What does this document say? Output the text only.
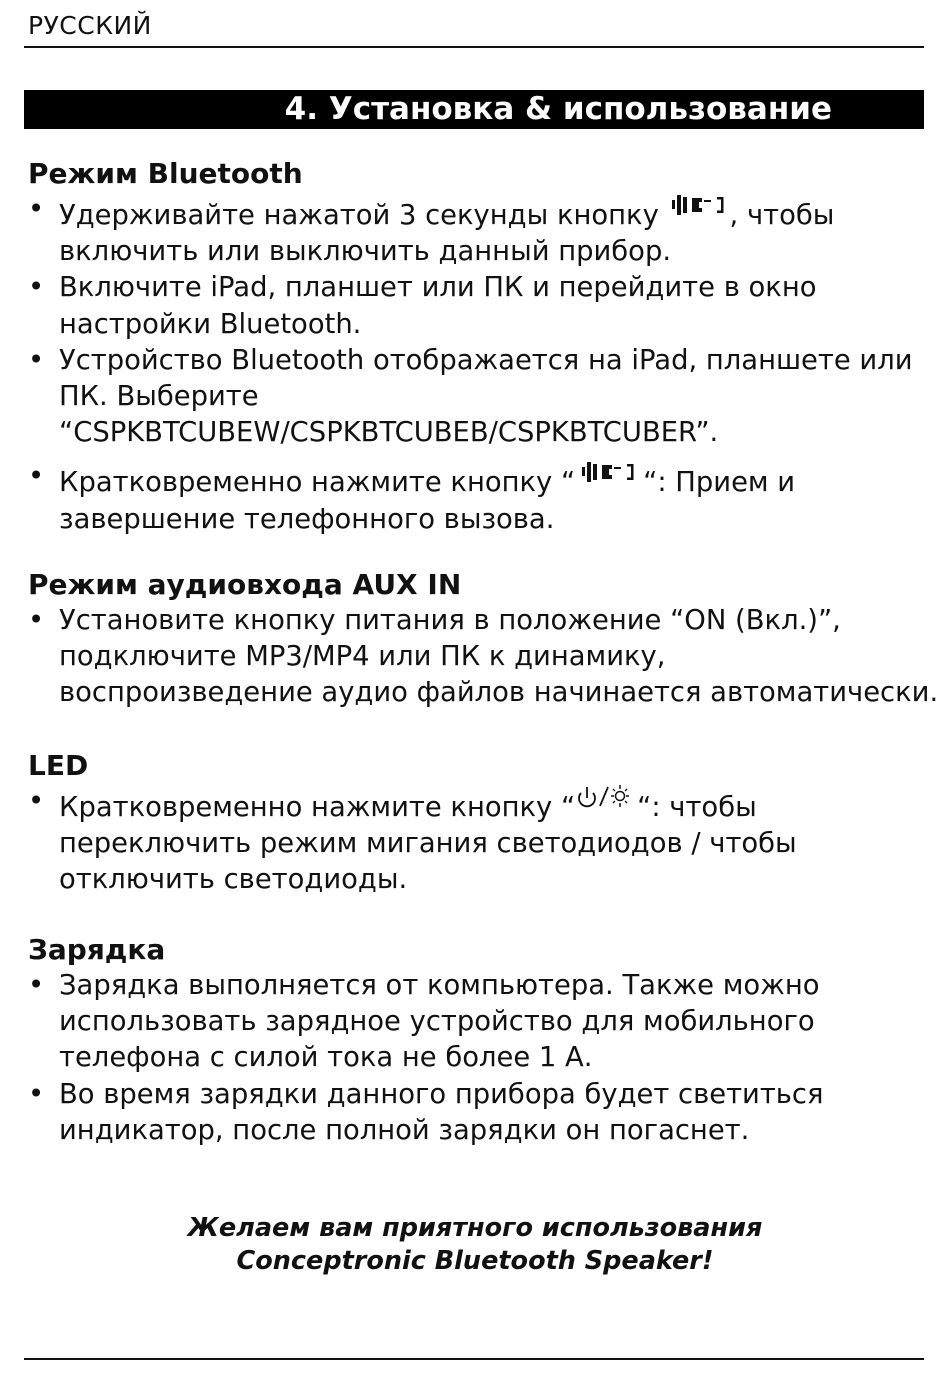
РУССКИЙ
4. Установка & использование
Режим Bluetooth
• Удерживайте нажатой 3 секунды кнопку , чтобы
включить или выключить данный прибор.
• Включите iPad, планшет или ПК и перейдите в окно
настройки Bluetooth.
• Устройство Bluetooth отображается на iPad, планшете или
ПК. Выберите
“CSPKBTCUBEW/CSPKBTCUBEB/CSPKBTCUBER”.
• Кратковременно нажмите кнопку “ “: Прием и
завершение телефонного вызова.
Режим аудиовхода AUX IN
• Установите кнопку питания в положение “ON (Вкл.)”,
подключите MP3/MP4 или ПК к динамику,
воспроизведение аудио файлов начинается автоматически.
LED
• Кратковременно нажмите кнопку “ “: чтобы
переключить режим мигания светодиодов / чтобы
отключить светодиоды.
Зарядка
• Зарядка выполняется от компьютера. Также можно
использовать зарядное устройство для мобильного
телефона с силой тока не более 1 А.
• Во время зарядки данного прибора будет светиться
индикатор, после полной зарядки он погаснет.
Желаем вам приятного использования
Conceptronic Bluetooth Speaker!
